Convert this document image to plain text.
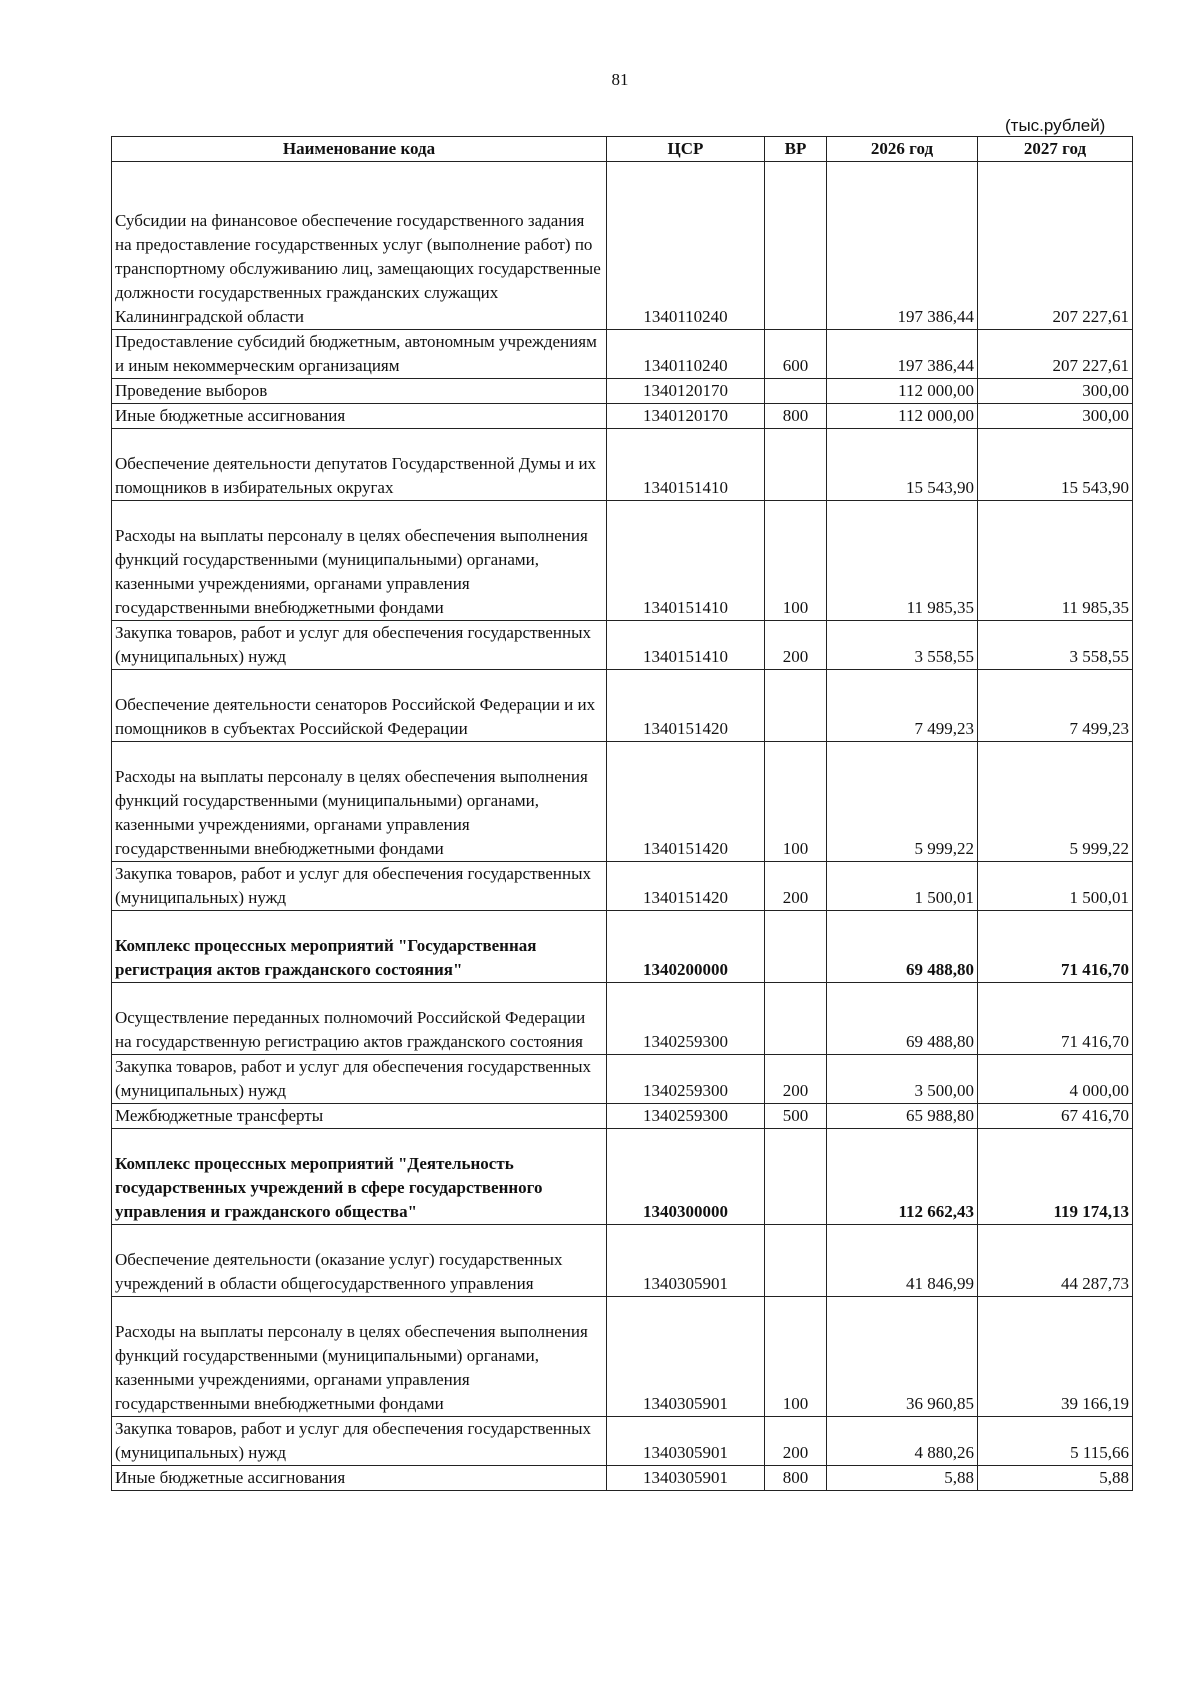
81
(тыс.рублей)
Наименование кода	ЦСР	ВР	2026 год	2027 год
Субсидии на финансовое обеспечение государственного задания на предоставление государственных услуг (выполнение работ) по транспортному обслуживанию лиц, замещающих государственные должности государственных гражданских служащих Калининградской области	1340110240		197 386,44	207 227,61
Предоставление субсидий бюджетным, автономным учреждениям и иным некоммерческим организациям	1340110240	600	197 386,44	207 227,61
Проведение выборов	1340120170		112 000,00	300,00
Иные бюджетные ассигнования	1340120170	800	112 000,00	300,00
Обеспечение деятельности депутатов Государственной Думы и их помощников в избирательных округах	1340151410		15 543,90	15 543,90
Расходы на выплаты персоналу в целях обеспечения выполнения функций государственными (муниципальными) органами, казенными учреждениями, органами управления государственными внебюджетными фондами	1340151410	100	11 985,35	11 985,35
Закупка товаров, работ и услуг для обеспечения государственных (муниципальных) нужд	1340151410	200	3 558,55	3 558,55
Обеспечение деятельности сенаторов Российской Федерации и их помощников в субъектах Российской Федерации	1340151420		7 499,23	7 499,23
Расходы на выплаты персоналу в целях обеспечения выполнения функций государственными (муниципальными) органами, казенными учреждениями, органами управления государственными внебюджетными фондами	1340151420	100	5 999,22	5 999,22
Закупка товаров, работ и услуг для обеспечения государственных (муниципальных) нужд	1340151420	200	1 500,01	1 500,01
Комплекс процессных мероприятий "Государственная регистрация актов гражданского состояния"	1340200000		69 488,80	71 416,70
Осуществление переданных полномочий Российской Федерации на государственную регистрацию актов гражданского состояния	1340259300		69 488,80	71 416,70
Закупка товаров, работ и услуг для обеспечения государственных (муниципальных) нужд	1340259300	200	3 500,00	4 000,00
Межбюджетные трансферты	1340259300	500	65 988,80	67 416,70
Комплекс процессных мероприятий "Деятельность государственных учреждений в сфере государственного управления и гражданского общества"	1340300000		112 662,43	119 174,13
Обеспечение деятельности (оказание услуг) государственных учреждений в области общегосударственного управления	1340305901		41 846,99	44 287,73
Расходы на выплаты персоналу в целях обеспечения выполнения функций государственными (муниципальными) органами, казенными учреждениями, органами управления государственными внебюджетными фондами	1340305901	100	36 960,85	39 166,19
Закупка товаров, работ и услуг для обеспечения государственных (муниципальных) нужд	1340305901	200	4 880,26	5 115,66
Иные бюджетные ассигнования	1340305901	800	5,88	5,88
